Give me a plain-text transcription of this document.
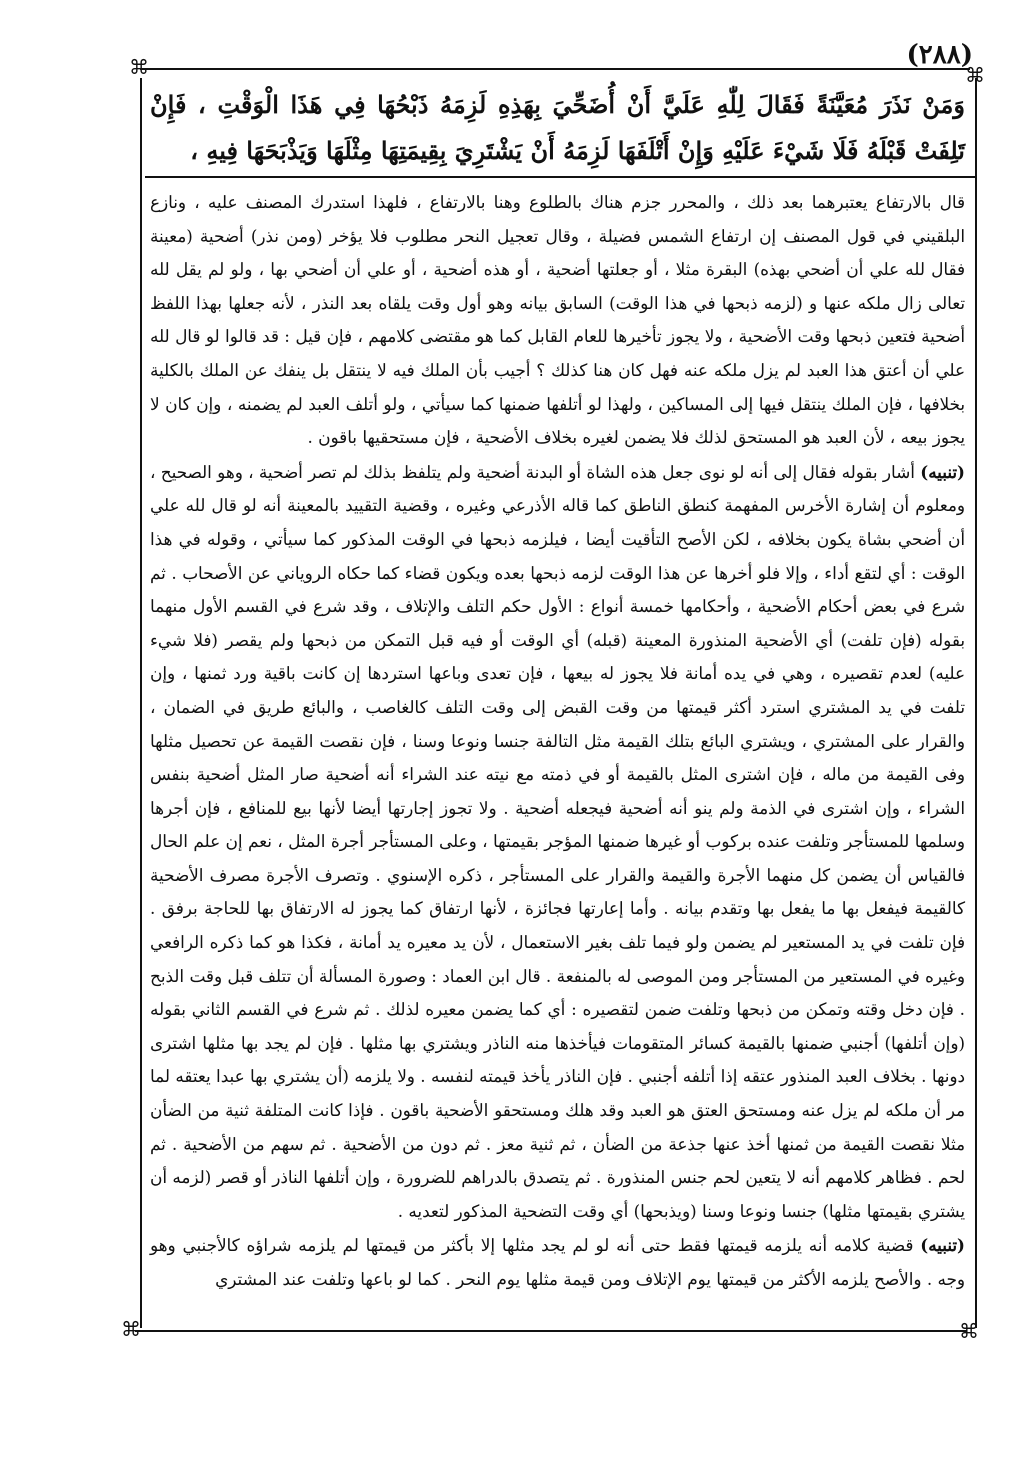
(٢٨٨)
⌘	⌘
⌘	⌘
وَمَنْ نَذَرَ مُعَيَّنَةً فَقَالَ لِلّٰهِ عَلَيَّ أَنْ أُضَحِّيَ بِهَذِهِ لَزِمَهُ ذَبْحُهَا فِي هَذَا الْوَقْتِ ، فَإِنْ تَلِفَتْ قَبْلَهُ فَلَا شَيْءَ عَلَيْهِ وَإِنْ أَتْلَفَهَا لَزِمَهُ أَنْ يَشْتَرِيَ بِقِيمَتِهَا مِثْلَهَا وَيَذْبَحَهَا فِيهِ ،

قال بالارتفاع يعتبرهما بعد ذلك ، والمحرر جزم هناك بالطلوع وهنا بالارتفاع ، فلهذا استدرك المصنف عليه ، ونازع البلقيني في قول المصنف إن ارتفاع الشمس فضيلة ، وقال تعجيل النحر مطلوب فلا يؤخر (ومن نذر) أضحية (معينة فقال لله علي أن أضحي بهذه) البقرة مثلا ، أو جعلتها أضحية ، أو هذه أضحية ، أو علي أن أضحي بها ، ولو لم يقل لله تعالى زال ملكه عنها و (لزمه ذبحها في هذا الوقت) السابق بيانه وهو أول وقت يلقاه بعد النذر ، لأنه جعلها بهذا اللفظ أضحية فتعين ذبحها وقت الأضحية ، ولا يجوز تأخيرها للعام القابل كما هو مقتضى كلامهم ، فإن قيل : قد قالوا لو قال لله علي أن أعتق هذا العبد لم يزل ملكه عنه فهل كان هنا كذلك ؟ أجيب بأن الملك فيه لا ينتقل بل ينفك عن الملك بالكلية بخلافها ، فإن الملك ينتقل فيها إلى المساكين ، ولهذا لو أتلفها ضمنها كما سيأتي ، ولو أتلف العبد لم يضمنه ، وإن كان لا يجوز بيعه ، لأن العبد هو المستحق لذلك فلا يضمن لغيره بخلاف الأضحية ، فإن مستحقيها باقون .

(تنبيه) أشار بقوله فقال إلى أنه لو نوى جعل هذه الشاة أو البدنة أضحية ولم يتلفظ بذلك لم تصر أضحية ، وهو الصحيح ، ومعلوم أن إشارة الأخرس المفهمة كنطق الناطق كما قاله الأذرعي وغيره ، وقضية التقييد بالمعينة أنه لو قال لله علي أن أضحي بشاة يكون بخلافه ، لكن الأصح التأقيت أيضا ، فيلزمه ذبحها في الوقت المذكور كما سيأتي ، وقوله في هذا الوقت : أي لتقع أداء ، وإلا فلو أخرها عن هذا الوقت لزمه ذبحها بعده ويكون قضاء كما حكاه الروياني عن الأصحاب . ثم شرع في بعض أحكام الأضحية ، وأحكامها خمسة أنواع : الأول حكم التلف والإتلاف ، وقد شرع في القسم الأول منهما بقوله (فإن تلفت) أي الأضحية المنذورة المعينة (قبله) أي الوقت أو فيه قبل التمكن من ذبحها ولم يقصر (فلا شيء عليه) لعدم تقصيره ، وهي في يده أمانة فلا يجوز له بيعها ، فإن تعدى وباعها استردها إن كانت باقية ورد ثمنها ، وإن تلفت في يد المشتري استرد أكثر قيمتها من وقت القبض إلى وقت التلف كالغاصب ، والبائع طريق في الضمان ، والقرار على المشتري ، ويشتري البائع بتلك القيمة مثل التالفة جنسا ونوعا وسنا ، فإن نقصت القيمة عن تحصيل مثلها وفى القيمة من ماله ، فإن اشترى المثل بالقيمة أو في ذمته مع نيته عند الشراء أنه أضحية صار المثل أضحية بنفس الشراء ، وإن اشترى في الذمة ولم ينو أنه أضحية فيجعله أضحية . ولا تجوز إجارتها أيضا لأنها بيع للمنافع ، فإن أجرها وسلمها للمستأجر وتلفت عنده بركوب أو غيرها ضمنها المؤجر بقيمتها ، وعلى المستأجر أجرة المثل ، نعم إن علم الحال فالقياس أن يضمن كل منهما الأجرة والقيمة والقرار على المستأجر ، ذكره الإسنوي . وتصرف الأجرة مصرف الأضحية كالقيمة فيفعل بها ما يفعل بها وتقدم بيانه . وأما إعارتها فجائزة ، لأنها ارتفاق كما يجوز له الارتفاق بها للحاجة برفق . فإن تلفت في يد المستعير لم يضمن ولو فيما تلف بغير الاستعمال ، لأن يد معيره يد أمانة ، فكذا هو كما ذكره الرافعي وغيره في المستعير من المستأجر ومن الموصى له بالمنفعة . قال ابن العماد : وصورة المسألة أن تتلف قبل وقت الذبح . فإن دخل وقته وتمكن من ذبحها وتلفت ضمن لتقصيره : أي كما يضمن معيره لذلك . ثم شرع في القسم الثاني بقوله (وإن أتلفها) أجنبي ضمنها بالقيمة كسائر المتقومات فيأخذها منه الناذر ويشتري بها مثلها . فإن لم يجد بها مثلها اشترى دونها . بخلاف العبد المنذور عتقه إذا أتلفه أجنبي . فإن الناذر يأخذ قيمته لنفسه . ولا يلزمه (أن يشتري بها عبدا يعتقه لما مر أن ملكه لم يزل عنه ومستحق العتق هو العبد وقد هلك ومستحقو الأضحية باقون . فإذا كانت المتلفة ثنية من الضأن مثلا نقصت القيمة من ثمنها أخذ عنها جذعة من الضأن ، ثم ثنية معز . ثم دون من الأضحية . ثم سهم من الأضحية . ثم لحم . فظاهر كلامهم أنه لا يتعين لحم جنس المنذورة . ثم يتصدق بالدراهم للضرورة ، وإن أتلفها الناذر أو قصر (لزمه أن يشتري بقيمتها مثلها) جنسا ونوعا وسنا (ويذبحها) أي وقت التضحية المذكور لتعديه .

(تنبيه) قضية كلامه أنه يلزمه قيمتها فقط حتى أنه لو لم يجد مثلها إلا بأكثر من قيمتها لم يلزمه شراؤه كالأجنبي وهو وجه . والأصح يلزمه الأكثر من قيمتها يوم الإتلاف ومن قيمة مثلها يوم النحر . كما لو باعها وتلفت عند المشتري
